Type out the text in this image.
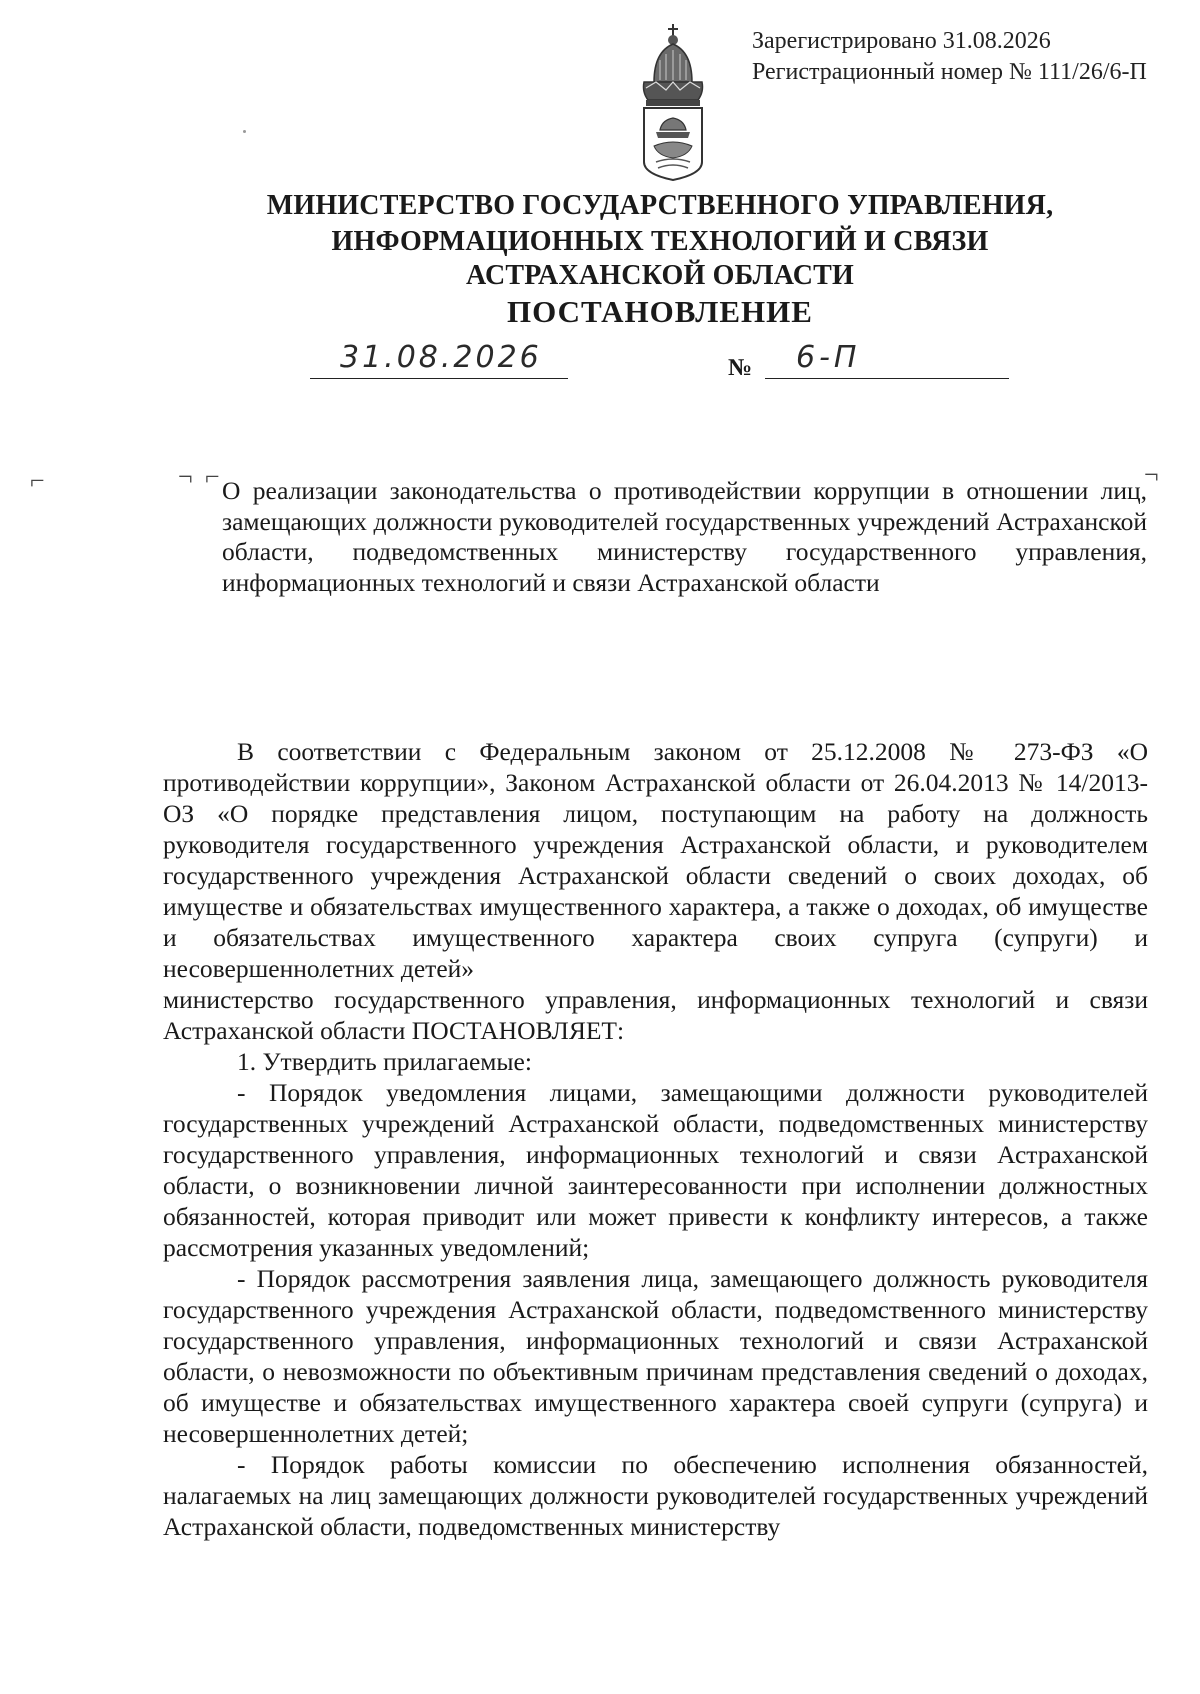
Зарегистрировано 31.08.2026
Регистрационный номер № 111/26/6-П
МИНИСТЕРСТВО ГОСУДАРСТВЕННОГО УПРАВЛЕНИЯ,
ИНФОРМАЦИОННЫХ ТЕХНОЛОГИЙ И СВЯЗИ
АСТРАХАНСКОЙ ОБЛАСТИ
ПОСТАНОВЛЕНИЕ
31.08.2026	№ 6-П
⌐	¬ ⌐	¬

О реализации законодательства о противодействии коррупции в отношении лиц, замещающих должности руководителей государственных учреждений Астраханской области, подведомственных министерству государственного управления, информационных технологий и связи Астраханской области

В соответствии с Федеральным законом от 25.12.2008 № 273-ФЗ «О противодействии коррупции», Законом Астраханской области от 26.04.2013 № 14/2013-ОЗ «О порядке представления лицом, поступающим на работу на должность руководителя государственного учреждения Астраханской области, и руководителем государственного учреждения Астраханской области сведений о своих доходах, об имуществе и обязательствах имущественного характера, а также о доходах, об имуществе и обязательствах имущественного характера своих супруга (супруги) и несовершеннолетних детей»

министерство государственного управления, информационных технологий и связи Астраханской области ПОСТАНОВЛЯЕТ:

1. Утвердить прилагаемые:

- Порядок уведомления лицами, замещающими должности руководителей государственных учреждений Астраханской области, подведомственных министерству государственного управления, информационных технологий и связи Астраханской области, о возникновении личной заинтересованности при исполнении должностных обязанностей, которая приводит или может привести к конфликту интересов, а также рассмотрения указанных уведомлений;

- Порядок рассмотрения заявления лица, замещающего должность руководителя государственного учреждения Астраханской области, подведомственного министерству государственного управления, информационных технологий и связи Астраханской области, о невозможности по объективным причинам представления сведений о доходах, об имуществе и обязательствах имущественного характера своей супруги (супруга) и несовершеннолетних детей;

- Порядок работы комиссии по обеспечению исполнения обязанностей, налагаемых на лиц замещающих должности руководителей государственных учреждений Астраханской области, подведомственных министерству
